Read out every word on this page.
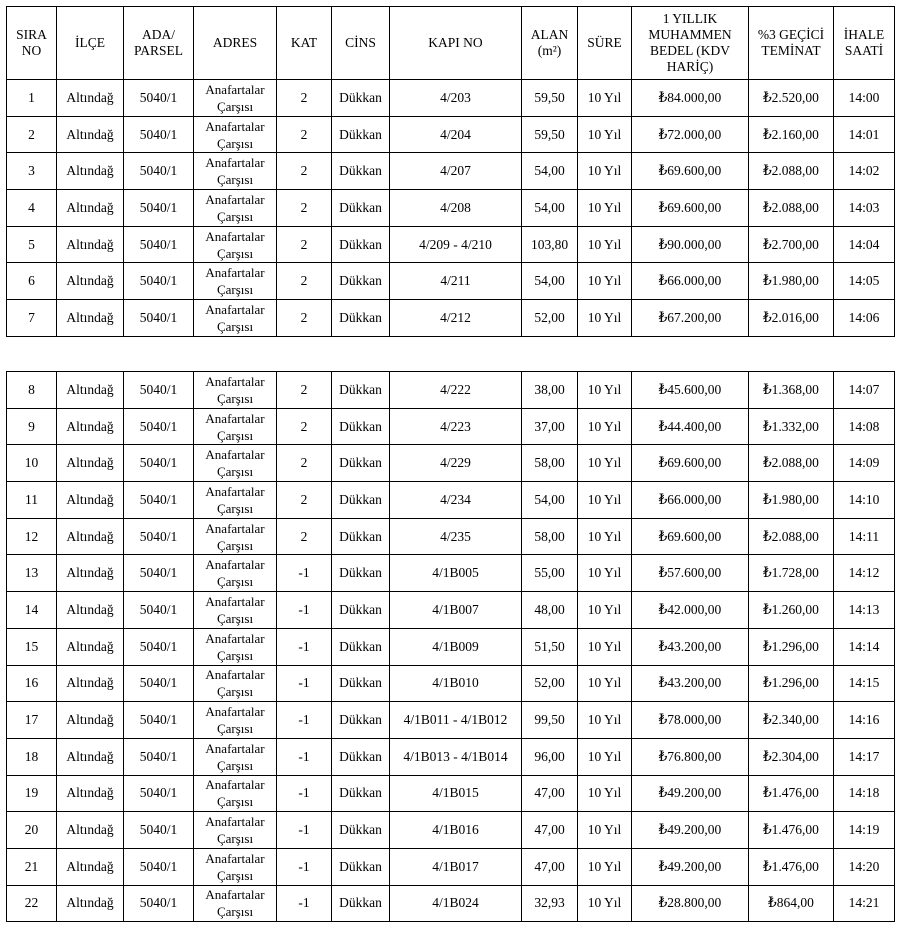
SIRA NO	İLÇE	ADA/ PARSEL	ADRES	KAT	CİNS	KAPI NO	ALAN (m²)	SÜRE	1 YILLIK MUHAMMEN BEDEL (KDV HARİÇ)	%3 GEÇİCİ TEMİNAT	İHALE SAATİ
1	Altındağ	5040/1	Anafartalar Çarşısı	2	Dükkan	4/203	59,50	10 Yıl	₺84.000,00	₺2.520,00	14:00
2	Altındağ	5040/1	Anafartalar Çarşısı	2	Dükkan	4/204	59,50	10 Yıl	₺72.000,00	₺2.160,00	14:01
3	Altındağ	5040/1	Anafartalar Çarşısı	2	Dükkan	4/207	54,00	10 Yıl	₺69.600,00	₺2.088,00	14:02
4	Altındağ	5040/1	Anafartalar Çarşısı	2	Dükkan	4/208	54,00	10 Yıl	₺69.600,00	₺2.088,00	14:03
5	Altındağ	5040/1	Anafartalar Çarşısı	2	Dükkan	4/209 - 4/210	103,80	10 Yıl	₺90.000,00	₺2.700,00	14:04
6	Altındağ	5040/1	Anafartalar Çarşısı	2	Dükkan	4/211	54,00	10 Yıl	₺66.000,00	₺1.980,00	14:05
7	Altındağ	5040/1	Anafartalar Çarşısı	2	Dükkan	4/212	52,00	10 Yıl	₺67.200,00	₺2.016,00	14:06
8	Altındağ	5040/1	Anafartalar Çarşısı	2	Dükkan	4/222	38,00	10 Yıl	₺45.600,00	₺1.368,00	14:07
9	Altındağ	5040/1	Anafartalar Çarşısı	2	Dükkan	4/223	37,00	10 Yıl	₺44.400,00	₺1.332,00	14:08
10	Altındağ	5040/1	Anafartalar Çarşısı	2	Dükkan	4/229	58,00	10 Yıl	₺69.600,00	₺2.088,00	14:09
11	Altındağ	5040/1	Anafartalar Çarşısı	2	Dükkan	4/234	54,00	10 Yıl	₺66.000,00	₺1.980,00	14:10
12	Altındağ	5040/1	Anafartalar Çarşısı	2	Dükkan	4/235	58,00	10 Yıl	₺69.600,00	₺2.088,00	14:11
13	Altındağ	5040/1	Anafartalar Çarşısı	-1	Dükkan	4/1B005	55,00	10 Yıl	₺57.600,00	₺1.728,00	14:12
14	Altındağ	5040/1	Anafartalar Çarşısı	-1	Dükkan	4/1B007	48,00	10 Yıl	₺42.000,00	₺1.260,00	14:13
15	Altındağ	5040/1	Anafartalar Çarşısı	-1	Dükkan	4/1B009	51,50	10 Yıl	₺43.200,00	₺1.296,00	14:14
16	Altındağ	5040/1	Anafartalar Çarşısı	-1	Dükkan	4/1B010	52,00	10 Yıl	₺43.200,00	₺1.296,00	14:15
17	Altındağ	5040/1	Anafartalar Çarşısı	-1	Dükkan	4/1B011 - 4/1B012	99,50	10 Yıl	₺78.000,00	₺2.340,00	14:16
18	Altındağ	5040/1	Anafartalar Çarşısı	-1	Dükkan	4/1B013 - 4/1B014	96,00	10 Yıl	₺76.800,00	₺2.304,00	14:17
19	Altındağ	5040/1	Anafartalar Çarşısı	-1	Dükkan	4/1B015	47,00	10 Yıl	₺49.200,00	₺1.476,00	14:18
20	Altındağ	5040/1	Anafartalar Çarşısı	-1	Dükkan	4/1B016	47,00	10 Yıl	₺49.200,00	₺1.476,00	14:19
21	Altındağ	5040/1	Anafartalar Çarşısı	-1	Dükkan	4/1B017	47,00	10 Yıl	₺49.200,00	₺1.476,00	14:20
22	Altındağ	5040/1	Anafartalar Çarşısı	-1	Dükkan	4/1B024	32,93	10 Yıl	₺28.800,00	₺864,00	14:21
